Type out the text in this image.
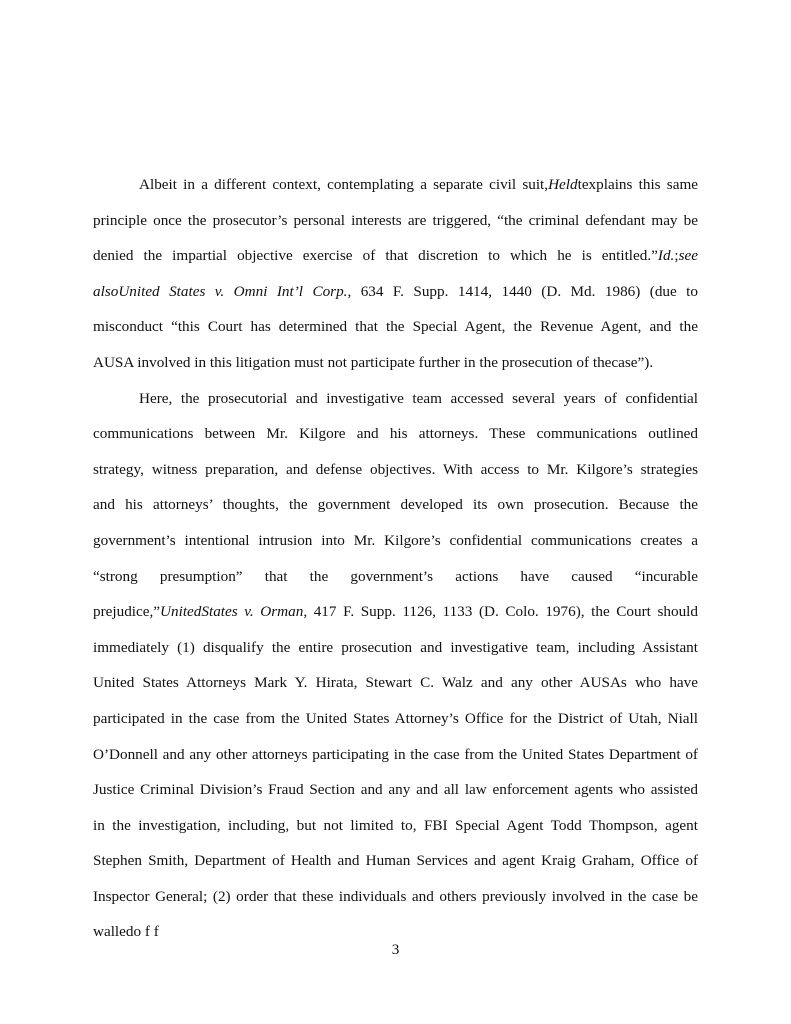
Albeit in a different context, contemplating a separate civil suit,Heldtexplains this same
principle once the prosecutor’s personal interests are triggered, “the criminal defendant may be
denied the impartial objective exercise of that discretion to which he is entitled.”Id.;see
alsoUnited States v. Omni Int’l Corp., 634 F. Supp. 1414, 1440 (D. Md. 1986) (due to
misconduct “this Court has determined that the Special Agent, the Revenue Agent, and the
AUSA involved in this litigation must not participate further in the prosecution of thecase”).
Here, the prosecutorial and investigative team accessed several years of confidential
communications between Mr. Kilgore and his attorneys. These communications outlined
strategy, witness preparation, and defense objectives. With access to Mr. Kilgore’s strategies
and his attorneys’ thoughts, the government developed its own prosecution. Because the
government’s intentional intrusion into Mr. Kilgore’s confidential communications creates a
“strong presumption” that the government’s actions have caused “incurable
prejudice,”UnitedStates v. Orman, 417 F. Supp. 1126, 1133 (D. Colo. 1976), the Court should
immediately (1) disqualify the entire prosecution and investigative team, including Assistant
United States Attorneys Mark Y. Hirata, Stewart C. Walz and any other AUSAs who have
participated in the case from the United States Attorney’s Office for the District of Utah, Niall
O’Donnell and any other attorneys participating in the case from the United States Department of
Justice Criminal Division’s Fraud Section and any and all law enforcement agents who assisted
in the investigation, including, but not limited to, FBI Special Agent Todd Thompson, agent
Stephen Smith, Department of Health and Human Services and agent Kraig Graham, Office of
Inspector General; (2) order that these individuals and others previously involved in the case be
walledo f f
3
